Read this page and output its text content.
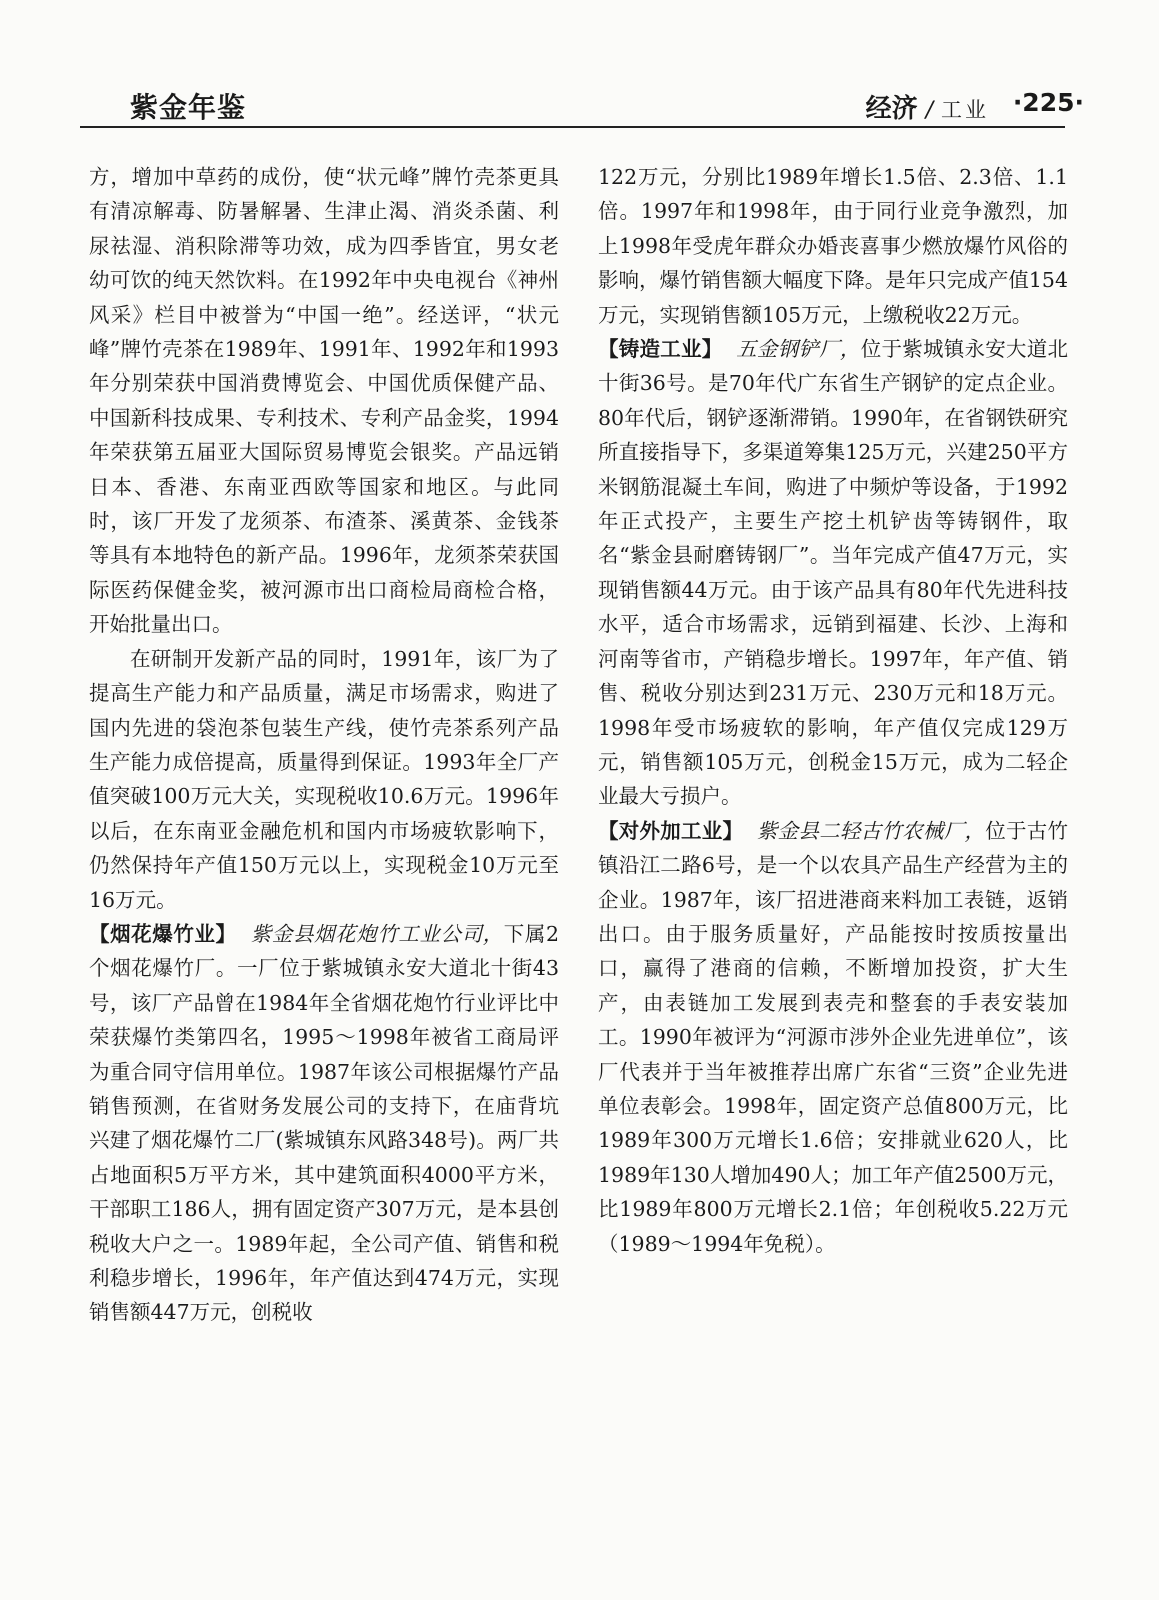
紫金年鉴	经济 / 工业 ·225·

方，增加中草药的成份，使“状元峰”牌竹壳茶更具有清凉解毒、防暑解暑、生津止渴、消炎杀菌、利尿祛湿、消积除滞等功效，成为四季皆宜，男女老幼可饮的纯天然饮料。在1992年中央电视台《神州风采》栏目中被誉为“中国一绝”。经送评，“状元峰”牌竹壳茶在1989年、1991年、1992年和1993年分别荣获中国消费博览会、中国优质保健产品、中国新科技成果、专利技术、专利产品金奖，1994年荣获第五届亚大国际贸易博览会银奖。产品远销日本、香港、东南亚西欧等国家和地区。与此同时，该厂开发了龙须茶、布渣茶、溪黄茶、金钱茶等具有本地特色的新产品。1996年，龙须茶荣获国际医药保健金奖，被河源市出口商检局商检合格，开始批量出口。

在研制开发新产品的同时，1991年，该厂为了提高生产能力和产品质量，满足市场需求，购进了国内先进的袋泡茶包装生产线，使竹壳茶系列产品生产能力成倍提高，质量得到保证。1993年全厂产值突破100万元大关，实现税收10.6万元。1996年以后，在东南亚金融危机和国内市场疲软影响下，仍然保持年产值150万元以上，实现税金10万元至16万元。

【烟花爆竹业】 紫金县烟花炮竹工业公司，下属2个烟花爆竹厂。一厂位于紫城镇永安大道北十街43号，该厂产品曾在1984年全省烟花炮竹行业评比中荣获爆竹类第四名，1995～1998年被省工商局评为重合同守信用单位。1987年该公司根据爆竹产品销售预测，在省财务发展公司的支持下，在庙背坑兴建了烟花爆竹二厂(紫城镇东风路348号)。两厂共占地面积5万平方米，其中建筑面积4000平方米，干部职工186人，拥有固定资产307万元，是本县创税收大户之一。1989年起，全公司产值、销售和税利稳步增长，1996年，年产值达到474万元，实现销售额447万元，创税收

122万元，分别比1989年增长1.5倍、2.3倍、1.1倍。1997年和1998年，由于同行业竞争激烈，加上1998年受虎年群众办婚丧喜事少燃放爆竹风俗的影响，爆竹销售额大幅度下降。是年只完成产值154万元，实现销售额105万元，上缴税收22万元。

【铸造工业】 五金钢铲厂，位于紫城镇永安大道北十街36号。是70年代广东省生产钢铲的定点企业。80年代后，钢铲逐渐滞销。1990年，在省钢铁研究所直接指导下，多渠道筹集125万元，兴建250平方米钢筋混凝土车间，购进了中频炉等设备，于1992年正式投产，主要生产挖土机铲齿等铸钢件，取名“紫金县耐磨铸钢厂”。当年完成产值47万元，实现销售额44万元。由于该产品具有80年代先进科技水平，适合市场需求，远销到福建、长沙、上海和河南等省市，产销稳步增长。1997年，年产值、销售、税收分别达到231万元、230万元和18万元。1998年受市场疲软的影响，年产值仅完成129万元，销售额105万元，创税金15万元，成为二轻企业最大亏损户。

【对外加工业】 紫金县二轻古竹农械厂，位于古竹镇沿江二路6号，是一个以农具产品生产经营为主的企业。1987年，该厂招进港商来料加工表链，返销出口。由于服务质量好，产品能按时按质按量出口，赢得了港商的信赖，不断增加投资，扩大生产，由表链加工发展到表壳和整套的手表安装加工。1990年被评为“河源市涉外企业先进单位”，该厂代表并于当年被推荐出席广东省“三资”企业先进单位表彰会。1998年，固定资产总值800万元，比1989年300万元增长1.6倍；安排就业620人，比1989年130人增加490人；加工年产值2500万元，比1989年800万元增长2.1倍；年创税收5.22万元（1989～1994年免税）。
